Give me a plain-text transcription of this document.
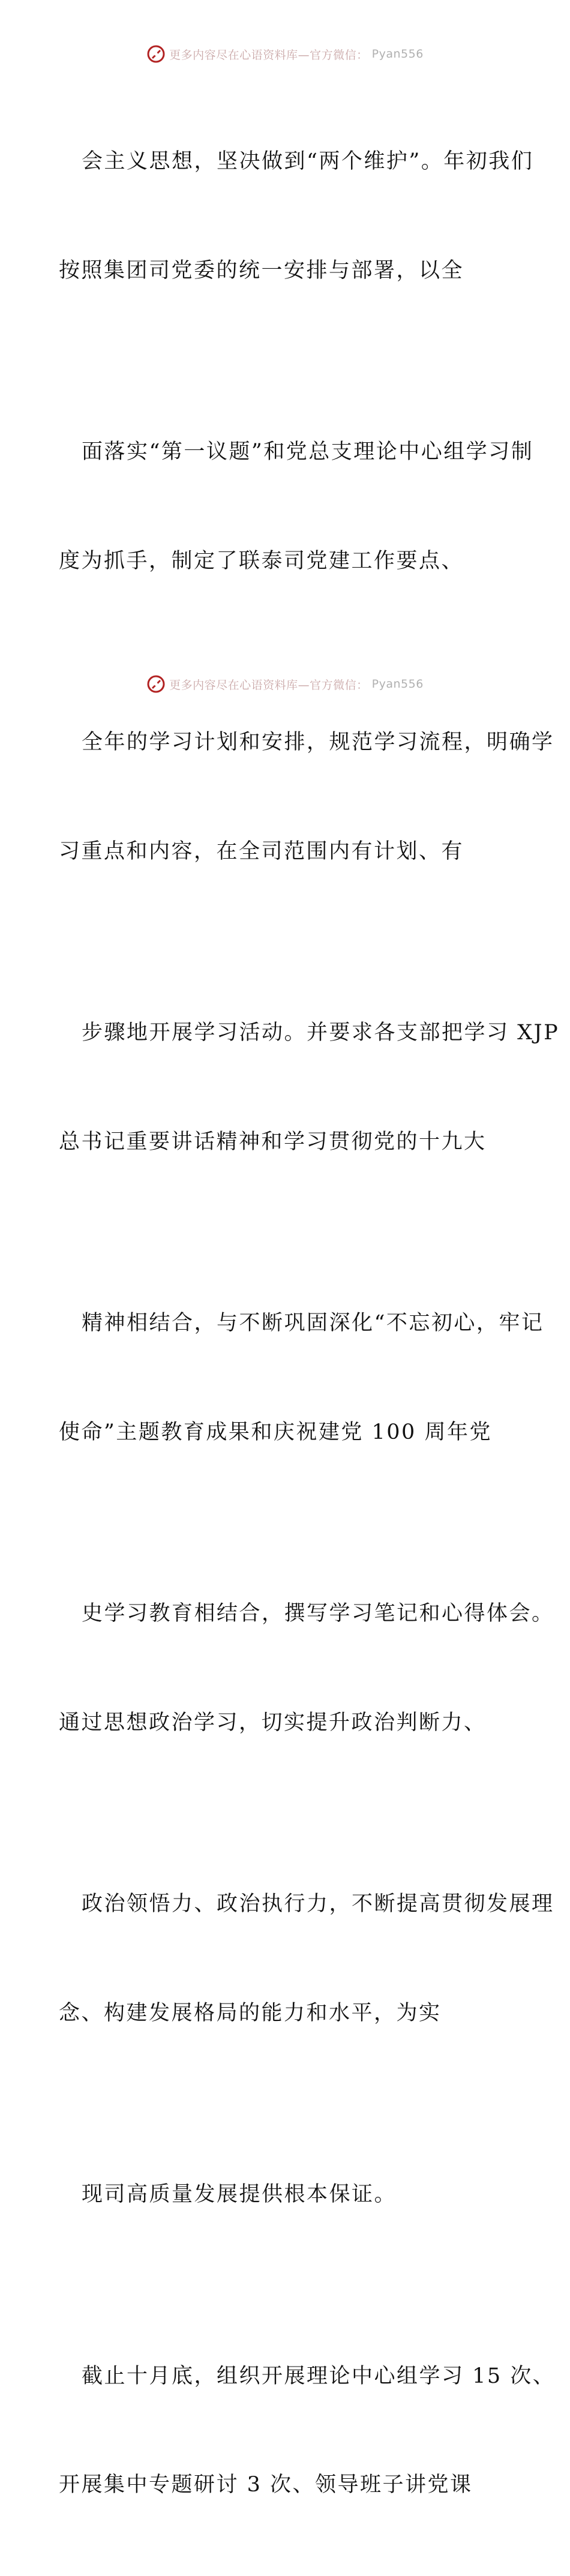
更多内容尽在心语资料库—官方微信： Pyan556

会主义思想，坚决做到“两个维护”。年初我们

按照集团司党委的统一安排与部署，以全

面落实“第一议题”和党总支理论中心组学习制

度为抓手，制定了联泰司党建工作要点、

全年的学习计划和安排，规范学习流程，明确学

习重点和内容，在全司范围内有计划、有

步骤地开展学习活动。并要求各支部把学习 XJP

总书记重要讲话精神和学习贯彻党的十九大

精神相结合，与不断巩固深化“不忘初心，牢记

使命”主题教育成果和庆祝建党 100 周年党

史学习教育相结合，撰写学习笔记和心得体会。

通过思想政治学习，切实提升政治判断力、

政治领悟力、政治执行力，不断提高贯彻发展理

念、构建发展格局的能力和水平，为实

现司高质量发展提供根本保证。

截止十月底，组织开展理论中心组学习 15 次、

开展集中专题研讨 3 次、领导班子讲党课

更多内容尽在心语资料库—官方微信： Pyan556
